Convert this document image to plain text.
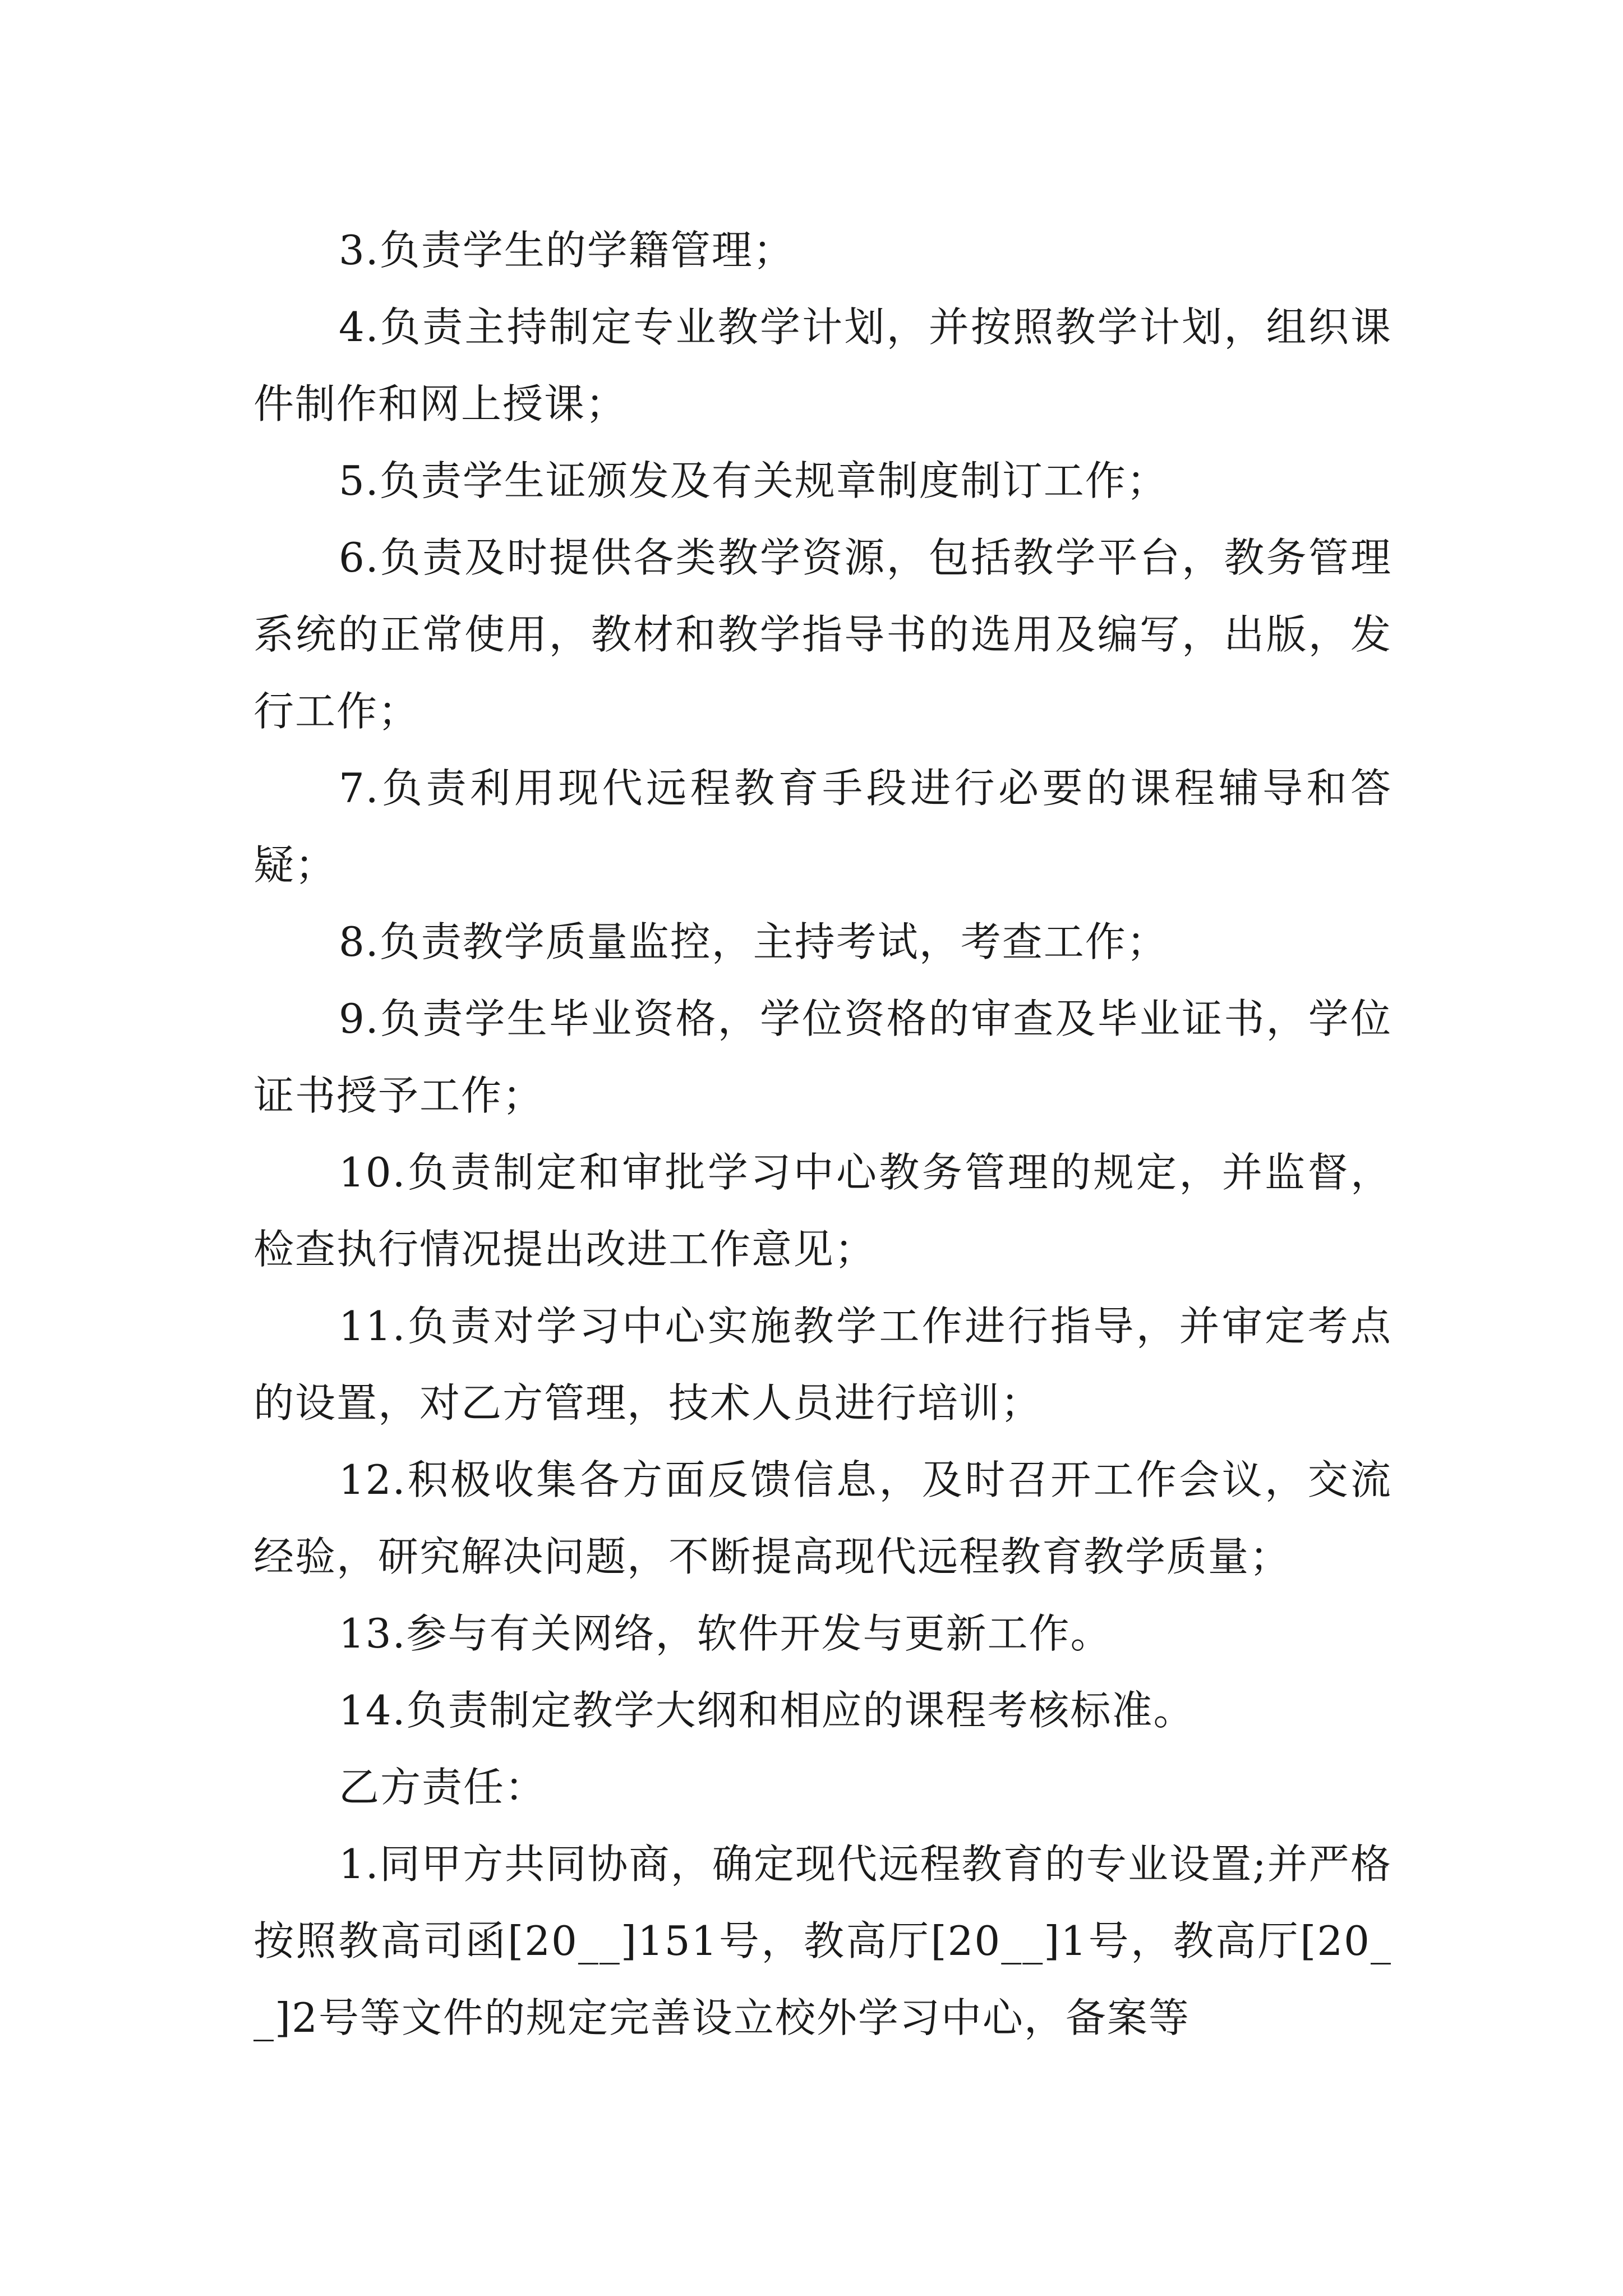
3.负责学生的学籍管理；

4.负责主持制定专业教学计划，并按照教学计划，组织课件制作和网上授课；

5.负责学生证颁发及有关规章制度制订工作；

6.负责及时提供各类教学资源，包括教学平台，教务管理系统的正常使用，教材和教学指导书的选用及编写，出版，发行工作；

7.负责利用现代远程教育手段进行必要的课程辅导和答疑；

8.负责教学质量监控，主持考试，考查工作；

9.负责学生毕业资格，学位资格的审查及毕业证书，学位证书授予工作；

10.负责制定和审批学习中心教务管理的规定，并监督，检查执行情况提出改进工作意见；

11.负责对学习中心实施教学工作进行指导，并审定考点的设置，对乙方管理，技术人员进行培训；

12.积极收集各方面反馈信息，及时召开工作会议，交流经验，研究解决问题，不断提高现代远程教育教学质量；

13.参与有关网络，软件开发与更新工作。

14.负责制定教学大纲和相应的课程考核标准。

乙方责任：

1.同甲方共同协商，确定现代远程教育的专业设置;并严格按照教高司函[20__]151号，教高厅[20__]1号，教高厅[20__]2号等文件的规定完善设立校外学习中心，备案等
